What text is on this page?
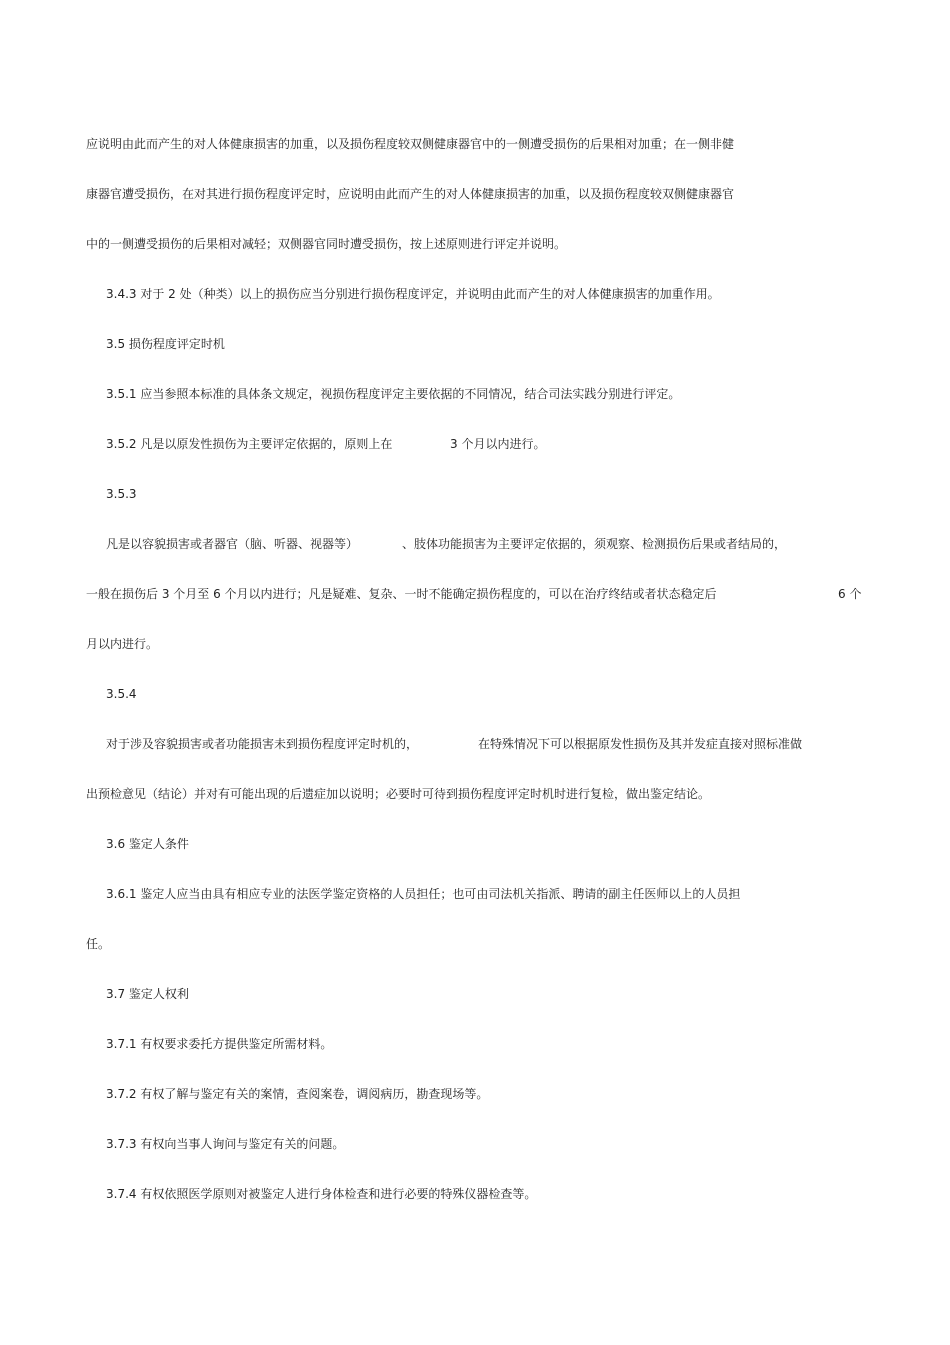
应说明由此而产生的对人体健康损害的加重，以及损伤程度较双侧健康器官中的一侧遭受损伤的后果相对加重；在一侧非健
康器官遭受损伤，在对其进行损伤程度评定时，应说明由此而产生的对人体健康损害的加重，以及损伤程度较双侧健康器官
中的一侧遭受损伤的后果相对减轻；双侧器官同时遭受损伤，按上述原则进行评定并说明。
3.4.3 对于 2 处（种类）以上的损伤应当分别进行损伤程度评定，并说明由此而产生的对人体健康损害的加重作用。
3.5 损伤程度评定时机
3.5.1 应当参照本标准的具体条文规定，视损伤程度评定主要依据的不同情况，结合司法实践分别进行评定。
3.5.2 凡是以原发性损伤为主要评定依据的，原则上在	3 个月以内进行。
3.5.3
凡是以容貌损害或者器官（脑、听器、视器等）	、肢体功能损害为主要评定依据的，须观察、检测损伤后果或者结局的，
一般在损伤后 3 个月至 6 个月以内进行；凡是疑难、复杂、一时不能确定损伤程度的，可以在治疗终结或者状态稳定后	6 个
月以内进行。
3.5.4
对于涉及容貌损害或者功能损害未到损伤程度评定时机的，	在特殊情况下可以根据原发性损伤及其并发症直接对照标准做
出预检意见（结论）并对有可能出现的后遗症加以说明；必要时可待到损伤程度评定时机时进行复检，做出鉴定结论。
3.6 鉴定人条件
3.6.1 鉴定人应当由具有相应专业的法医学鉴定资格的人员担任；也可由司法机关指派、聘请的副主任医师以上的人员担
任。
3.7 鉴定人权利
3.7.1 有权要求委托方提供鉴定所需材料。
3.7.2 有权了解与鉴定有关的案情，查阅案卷，调阅病历，勘查现场等。
3.7.3 有权向当事人询问与鉴定有关的问题。
3.7.4 有权依照医学原则对被鉴定人进行身体检查和进行必要的特殊仪器检查等。
